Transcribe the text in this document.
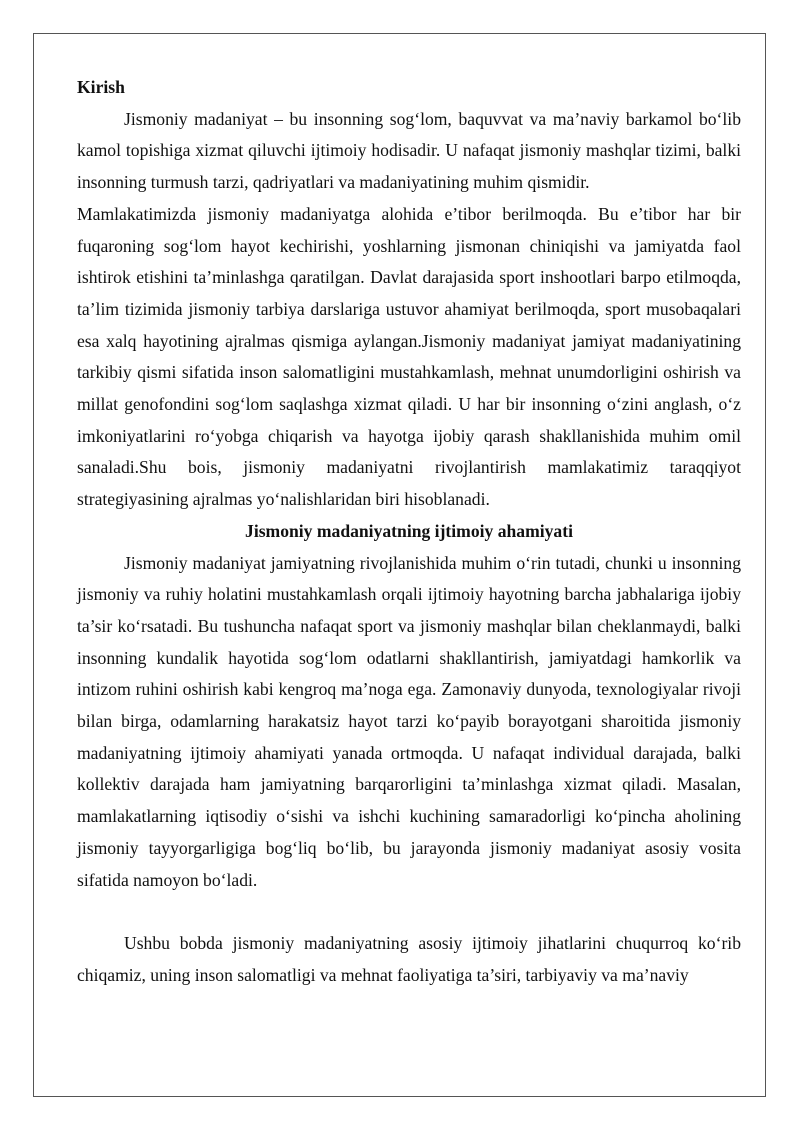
Kirish

Jismoniy madaniyat – bu insonning sog‘lom, baquvvat va ma’naviy barkamol bo‘lib kamol topishiga xizmat qiluvchi ijtimoiy hodisadir. U nafaqat jismoniy mashqlar tizimi, balki insonning turmush tarzi, qadriyatlari va madaniyatining muhim qismidir.

Mamlakatimizda jismoniy madaniyatga alohida e’tibor berilmoqda. Bu e’tibor har bir fuqaroning sog‘lom hayot kechirishi, yoshlarning jismonan chiniqishi va jamiyatda faol ishtirok etishini ta’minlashga qaratilgan. Davlat darajasida sport inshootlari barpo etilmoqda, ta’lim tizimida jismoniy tarbiya darslariga ustuvor ahamiyat berilmoqda, sport musobaqalari esa xalq hayotining ajralmas qismiga aylangan.Jismoniy madaniyat jamiyat madaniyatining tarkibiy qismi sifatida inson salomatligini mustahkamlash, mehnat unumdorligini oshirish va millat genofondini sog‘lom saqlashga xizmat qiladi. U har bir insonning o‘zini anglash, o‘z imkoniyatlarini ro‘yobga chiqarish va hayotga ijobiy qarash shakllanishida muhim omil sanaladi.Shu bois, jismoniy madaniyatni rivojlantirish mamlakatimiz taraqqiyot strategiyasining ajralmas yo‘nalishlaridan biri hisoblanadi.

Jismoniy madaniyatning ijtimoiy ahamiyati

Jismoniy madaniyat jamiyatning rivojlanishida muhim o‘rin tutadi, chunki u insonning jismoniy va ruhiy holatini mustahkamlash orqali ijtimoiy hayotning barcha jabhalariga ijobiy ta’sir ko‘rsatadi. Bu tushuncha nafaqat sport va jismoniy mashqlar bilan cheklanmaydi, balki insonning kundalik hayotida sog‘lom odatlarni shakllantirish, jamiyatdagi hamkorlik va intizom ruhini oshirish kabi kengroq ma’noga ega. Zamonaviy dunyoda, texnologiyalar rivoji bilan birga, odamlarning harakatsiz hayot tarzi ko‘payib borayotgani sharoitida jismoniy madaniyatning ijtimoiy ahamiyati yanada ortmoqda. U nafaqat individual darajada, balki kollektiv darajada ham jamiyatning barqarorligini ta’minlashga xizmat qiladi. Masalan, mamlakatlarning iqtisodiy o‘sishi va ishchi kuchining samaradorligi ko‘pincha aholining jismoniy tayyorgarligiga bog‘liq bo‘lib, bu jarayonda jismoniy madaniyat asosiy vosita sifatida namoyon bo‘ladi.

Ushbu bobda jismoniy madaniyatning asosiy ijtimoiy jihatlarini chuqurroq ko‘rib chiqamiz, uning inson salomatligi va mehnat faoliyatiga ta’siri, tarbiyaviy va ma’naviy
